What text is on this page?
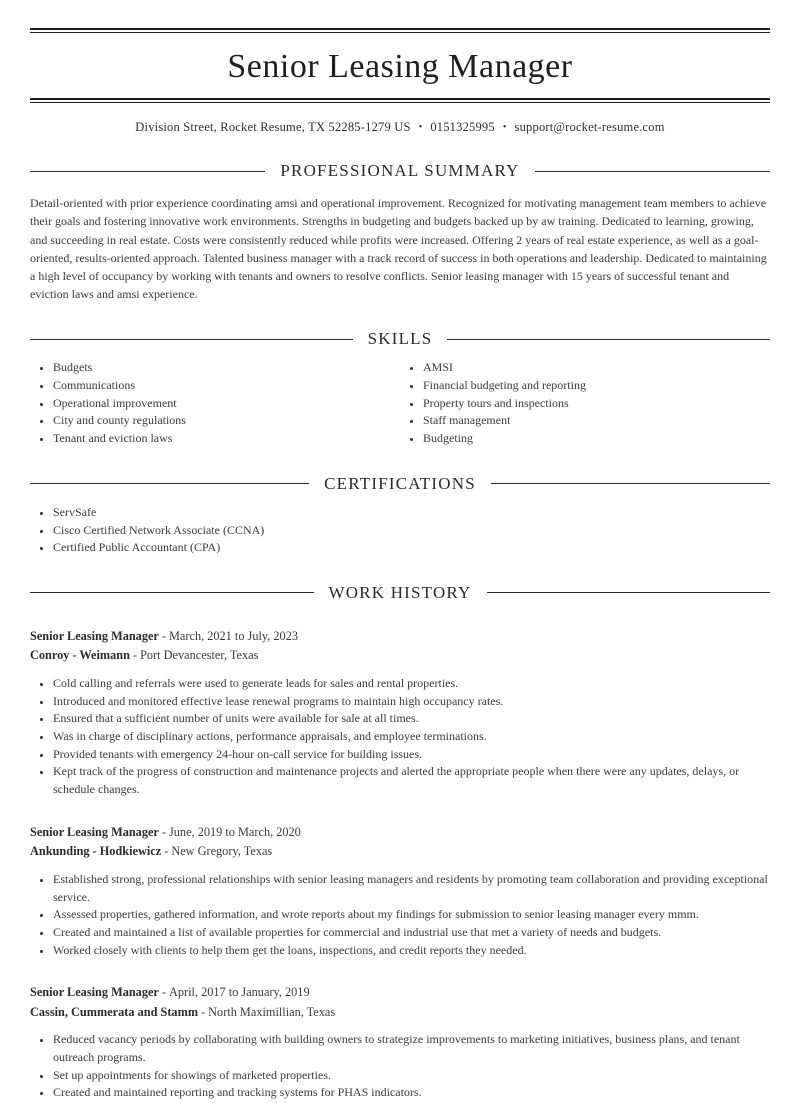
Senior Leasing Manager

Division Street, Rocket Resume, TX 52285-1279 US • 0151325995 • support@rocket-resume.com

PROFESSIONAL SUMMARY

Detail-oriented with prior experience coordinating amsi and operational improvement. Recognized for motivating management team members to achieve their goals and fostering innovative work environments. Strengths in budgeting and budgets backed up by aw training. Dedicated to learning, growing, and succeeding in real estate. Costs were consistently reduced while profits were increased. Offering 2 years of real estate experience, as well as a goal-oriented, results-oriented approach. Talented business manager with a track record of success in both operations and leadership. Dedicated to maintaining a high level of occupancy by working with tenants and owners to resolve conflicts. Senior leasing manager with 15 years of successful tenant and eviction laws and amsi experience.

SKILLS
• Budgets
• Communications
• Operational improvement
• City and county regulations
• Tenant and eviction laws
• AMSI
• Financial budgeting and reporting
• Property tours and inspections
• Staff management
• Budgeting
CERTIFICATIONS
• ServSafe
• Cisco Certified Network Associate (CCNA)
• Certified Public Accountant (CPA)
WORK HISTORY

Senior Leasing Manager - March, 2021 to July, 2023

Conroy - Weimann - Port Devancester, Texas

• Cold calling and referrals were used to generate leads for sales and rental properties.
• Introduced and monitored effective lease renewal programs to maintain high occupancy rates.
• Ensured that a sufficient number of units were available for sale at all times.
• Was in charge of disciplinary actions, performance appraisals, and employee terminations.
• Provided tenants with emergency 24-hour on-call service for building issues.
• Kept track of the progress of construction and maintenance projects and alerted the appropriate people when there were any updates, delays, or schedule changes.

Senior Leasing Manager - June, 2019 to March, 2020

Ankunding - Hodkiewicz - New Gregory, Texas

• Established strong, professional relationships with senior leasing managers and residents by promoting team collaboration and providing exceptional service.
• Assessed properties, gathered information, and wrote reports about my findings for submission to senior leasing manager every mmm.
• Created and maintained a list of available properties for commercial and industrial use that met a variety of needs and budgets.
• Worked closely with clients to help them get the loans, inspections, and credit reports they needed.

Senior Leasing Manager - April, 2017 to January, 2019

Cassin, Cummerata and Stamm - North Maximillian, Texas

• Reduced vacancy periods by collaborating with building owners to strategize improvements to marketing initiatives, business plans, and tenant outreach programs.
• Set up appointments for showings of marketed properties.
• Created and maintained reporting and tracking systems for PHAS indicators.
